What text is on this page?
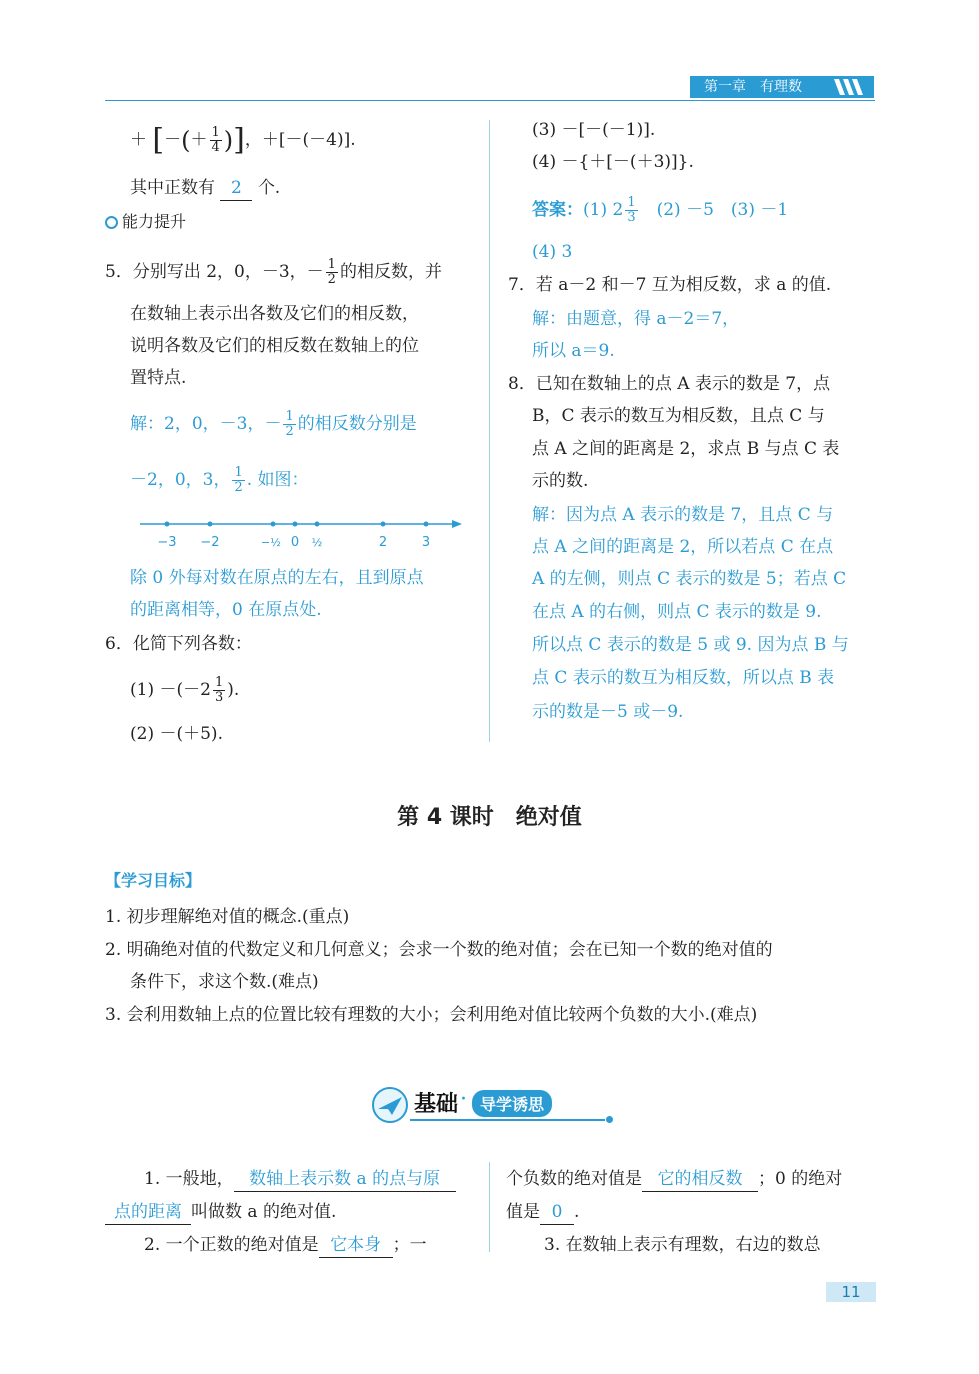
第一章　有理数
＋ [－(＋ $\frac{1}{4}$ )]，＋[－(－4)].
其中正数有 2 个.
能力提升
5．分别写出 2，0，－3，－ $\frac{1}{2}$ 的相反数，并
在数轴上表示出各数及它们的相反数，
说明各数及它们的相反数在数轴上的位
置特点.
解：2，0，－3，－ $\frac{1}{2}$ 的相反数分别是
－2，0，3， $\frac{1}{2}$ . 如图：
−3 −2	−½ 0 ½	2	3
除 0 外每对数在原点的左右，且到原点
的距离相等，0 在原点处.
6．化简下列各数：
$(1) -(-2 \frac{1}{3}$ ).
(2) －(＋5).
(3) －[－(－1)].
(4) －{＋[－(＋3)]}.
答案：(1) $2 \frac{1}{3}$ 　(2) －5　(3) －1
(4) 3
7．若 a－2 和－7 互为相反数，求 a 的值.
解：由题意，得 a－2＝7，
所以 a＝9.
8．已知在数轴上的点 A 表示的数是 7，点
B，C 表示的数互为相反数，且点 C 与
点 A 之间的距离是 2，求点 B 与点 C 表
示的数.
解：因为点 A 表示的数是 7，且点 C 与
点 A 之间的距离是 2，所以若点 C 在点
A 的左侧，则点 C 表示的数是 5；若点 C
在点 A 的右侧，则点 C 表示的数是 9.
所以点 C 表示的数是 5 或 9. 因为点 B 与
点 C 表示的数互为相反数，所以点 B 表
示的数是－5 或－9.
第 4 课时　绝对值
【学习目标】
1. 初步理解绝对值的概念.(重点)
2. 明确绝对值的代数定义和几何意义；会求一个数的绝对值；会在已知一个数的绝对值的
条件下，求这个数.(难点)
3. 会利用数轴上点的位置比较有理数的大小；会利用绝对值比较两个负数的大小.(难点)
基础 · 导学诱思
1. 一般地， 数轴上表示数 a 的点与原
点的距离 叫做数 a 的绝对值.
2. 一个正数的绝对值是 它本身 ；一
个负数的绝对值是 它的相反数 ；0 的绝对
值是 0 .
3. 在数轴上表示有理数，右边的数总
11
